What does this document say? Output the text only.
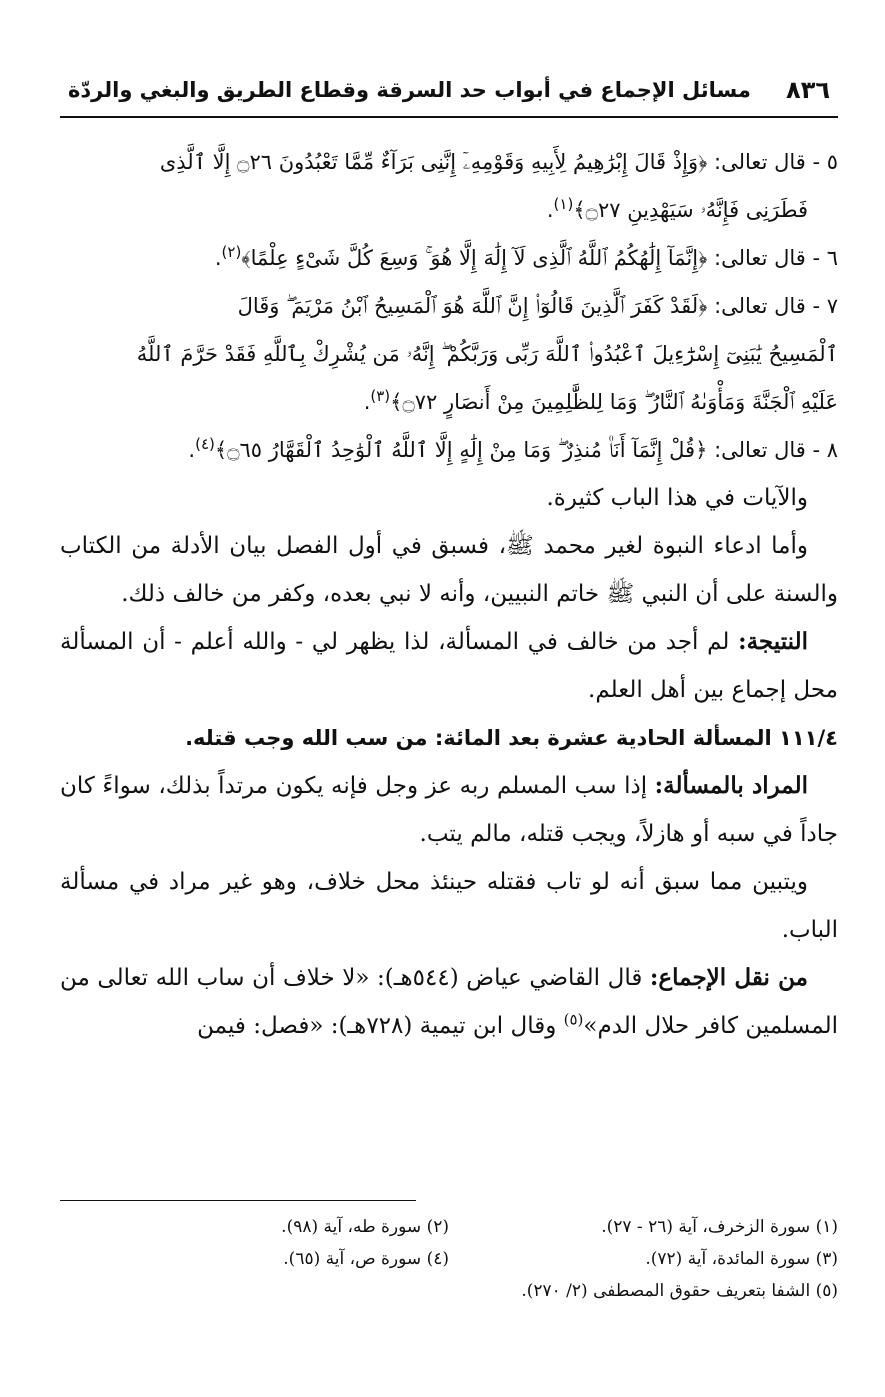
٨٣٦
مسائل الإجماع في أبواب حد السرقة وقطاع الطريق والبغي والردّة

٥ - قال تعالى: ﴿وَإِذْ قَالَ إِبْرَٰهِيمُ لِأَبِيهِ وَقَوْمِهِۦٓ إِنَّنِى بَرَآءٌ مِّمَّا تَعْبُدُونَ ۝٢٦ إِلَّا ٱلَّذِى

فَطَرَنِى فَإِنَّهُۥ سَيَهْدِينِ ۝٢٧﴾$^{(١)}$.

٦ - قال تعالى: ﴿إِنَّمَآ إِلَٰهُكُمُ ٱللَّهُ ٱلَّذِى لَآ إِلَٰهَ إِلَّا هُوَ ۚ وَسِعَ كُلَّ شَىْءٍ عِلْمًا﴾$^{(٢)}$.

٧ - قال تعالى: ﴿لَقَدْ كَفَرَ ٱلَّذِينَ قَالُوٓا۟ إِنَّ ٱللَّهَ هُوَ ٱلْمَسِيحُ ٱبْنُ مَرْيَمَ ۖ وَقَالَ

ٱلْمَسِيحُ يَٰبَنِىٓ إِسْرَٰٓءِيلَ ٱعْبُدُوا۟ ٱللَّهَ رَبِّى وَرَبَّكُمْ ۖ إِنَّهُۥ مَن يُشْرِكْ بِٱللَّهِ فَقَدْ حَرَّمَ ٱللَّهُ

عَلَيْهِ ٱلْجَنَّةَ وَمَأْوَىٰهُ ٱلنَّارُ ۖ وَمَا لِلظَّٰلِمِينَ مِنْ أَنصَارٍ ۝٧٢﴾$^{(٣)}$.

٨ - قال تعالى: ﴿قُلْ إِنَّمَآ أَنَا۠ مُنذِرٌ ۖ وَمَا مِنْ إِلَٰهٍ إِلَّا ٱللَّهُ ٱلْوَٰحِدُ ٱلْقَهَّارُ ۝٦٥﴾$^{(٤)}$.

والآيات في هذا الباب كثيرة.

وأما ادعاء النبوة لغير محمد ﷺ، فسبق في أول الفصل بيان الأدلة من الكتاب والسنة على أن النبي ﷺ خاتم النبيين، وأنه لا نبي بعده، وكفر من خالف ذلك.

النتيجة: لم أجد من خالف في المسألة، لذا يظهر لي - والله أعلم - أن المسألة محل إجماع بين أهل العلم.

١١١/٤ المسألة الحادية عشرة بعد المائة: من سب الله وجب قتله.

المراد بالمسألة: إذا سب المسلم ربه عز وجل فإنه يكون مرتداً بذلك، سواءً كان جاداً في سبه أو هازلاً، ويجب قتله، مالم يتب.

ويتبين مما سبق أنه لو تاب فقتله حينئذ محل خلاف، وهو غير مراد في مسألة الباب.

من نقل الإجماع: قال القاضي عياض (٥٤٤هـ): «لا خلاف أن ساب الله تعالى من المسلمين كافر حلال الدم»$^{(٥)}$ وقال ابن تيمية (٧٢٨هـ): «فصل: فيمن

(١) سورة الزخرف، آية (٢٦ - ٢٧).
(٢) سورة طه، آية (٩٨).
(٣) سورة المائدة، آية (٧٢).
(٤) سورة ص، آية (٦٥).
(٥) الشفا بتعريف حقوق المصطفى (٢/ ٢٧٠).
